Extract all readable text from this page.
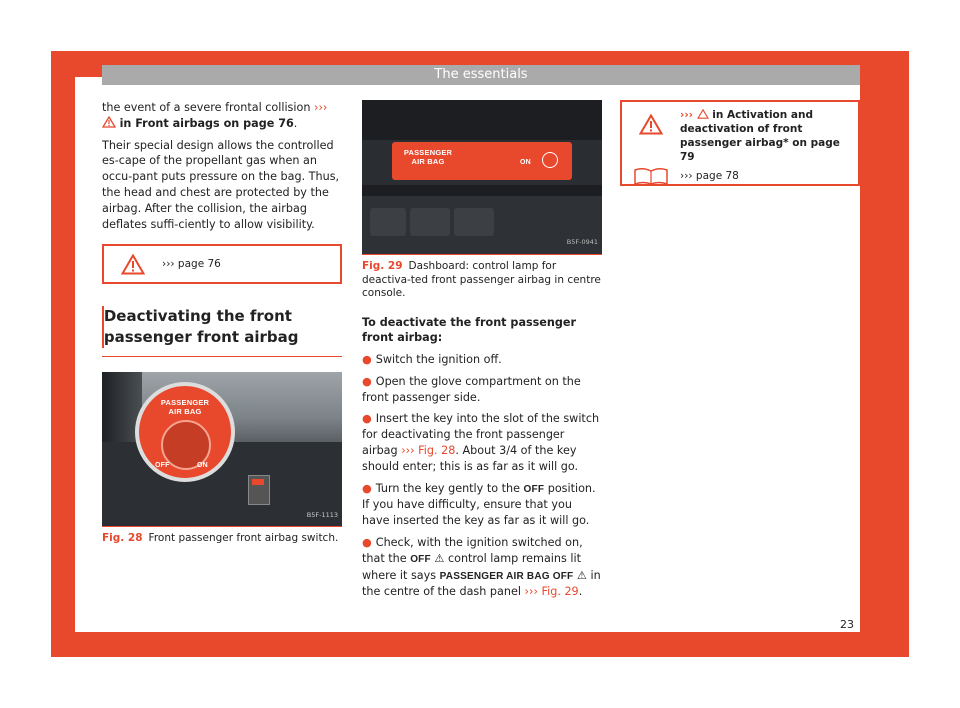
The essentials

the event of a severe frontal collision ›››  in Front airbags on page 76.

Their special design allows the controlled es-cape of the propellant gas when an occu-pant puts pressure on the bag. Thus, the head and chest are protected by the airbag. After the collision, the airbag deflates suffi-ciently to allow visibility.

››› page 76
Deactivating the front passenger front airbag
PASSENGER
AIR BAG
OFF	ON
B5F-1113
Fig. 28 Front passenger front airbag switch.
PASSENGER
AIR BAG	ON
B5F-0941
Fig. 29 Dashboard: control lamp for deactiva-ted front passenger airbag in centre console.

To deactivate the front passenger front airbag:

● Switch the ignition off.

● Open the glove compartment on the front passenger side.

● Insert the key into the slot of the switch for deactivating the front passenger airbag ››› Fig. 28. About 3/4 of the key should enter; this is as far as it will go.

● Turn the key gently to the OFF position. If you have difficulty, ensure that you have inserted the key as far as it will go.

● Check, with the ignition switched on, that the OFF ⚠ control lamp remains lit where it says PASSENGER AIR BAG OFF ⚠ in the centre of the dash panel ››› Fig. 29.

››› in Activation and deactivation of front passenger airbag* on page 79
››› page 78
23
